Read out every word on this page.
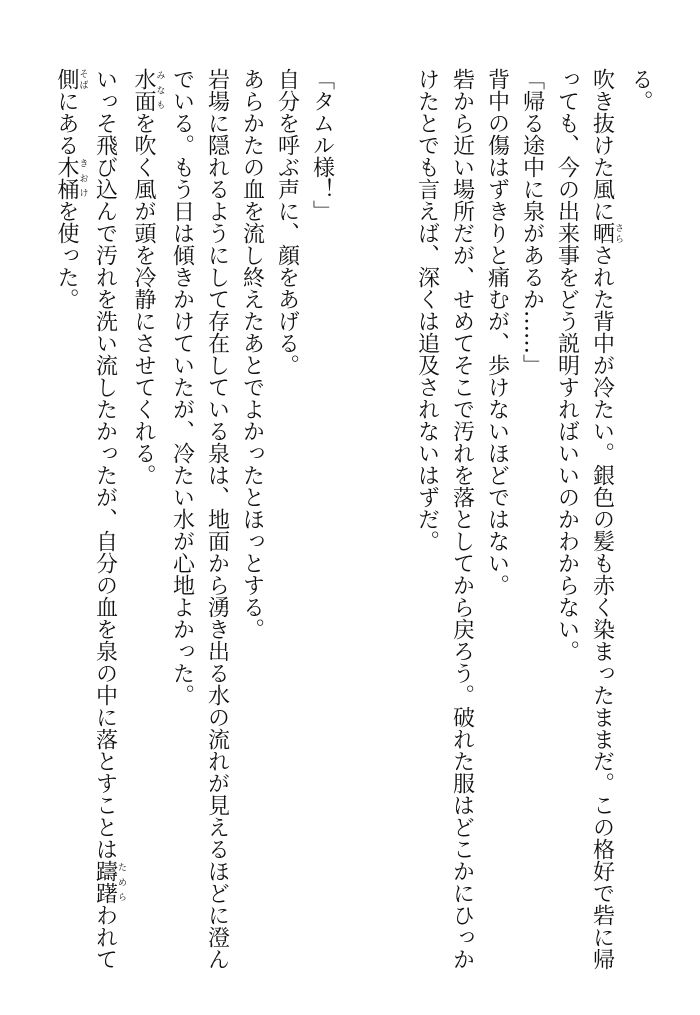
る。

吹き抜けた風に晒さらされた背中が冷たい。銀色の髪も赤く染まったままだ。この格好で砦に帰

っても、今の出来事をどう説明すればいいのかわからない。

「帰る途中に泉があるか……」

背中の傷はずきりと痛むが、歩けないほどではない。

砦から近い場所だが、せめてそこで汚れを落としてから戻ろう。破れた服はどこかにひっか

けたとでも言えば、深くは追及されないはずだ。

「タムル様！」

自分を呼ぶ声に、顔をあげる。

あらかたの血を流し終えたあとでよかったとほっとする。

岩場に隠れるようにして存在している泉は、地面から湧き出る水の流れが見えるほどに澄ん

でいる。もう日は傾きかけていたが、冷たい水が心地よかった。

水面みなもを吹く風が頭を冷静にさせてくれる。

いっそ飛び込んで汚れを洗い流したかったが、自分の血を泉の中に落とすことは躊躇ためらわれて

側そばにある木桶きおけを使った。
